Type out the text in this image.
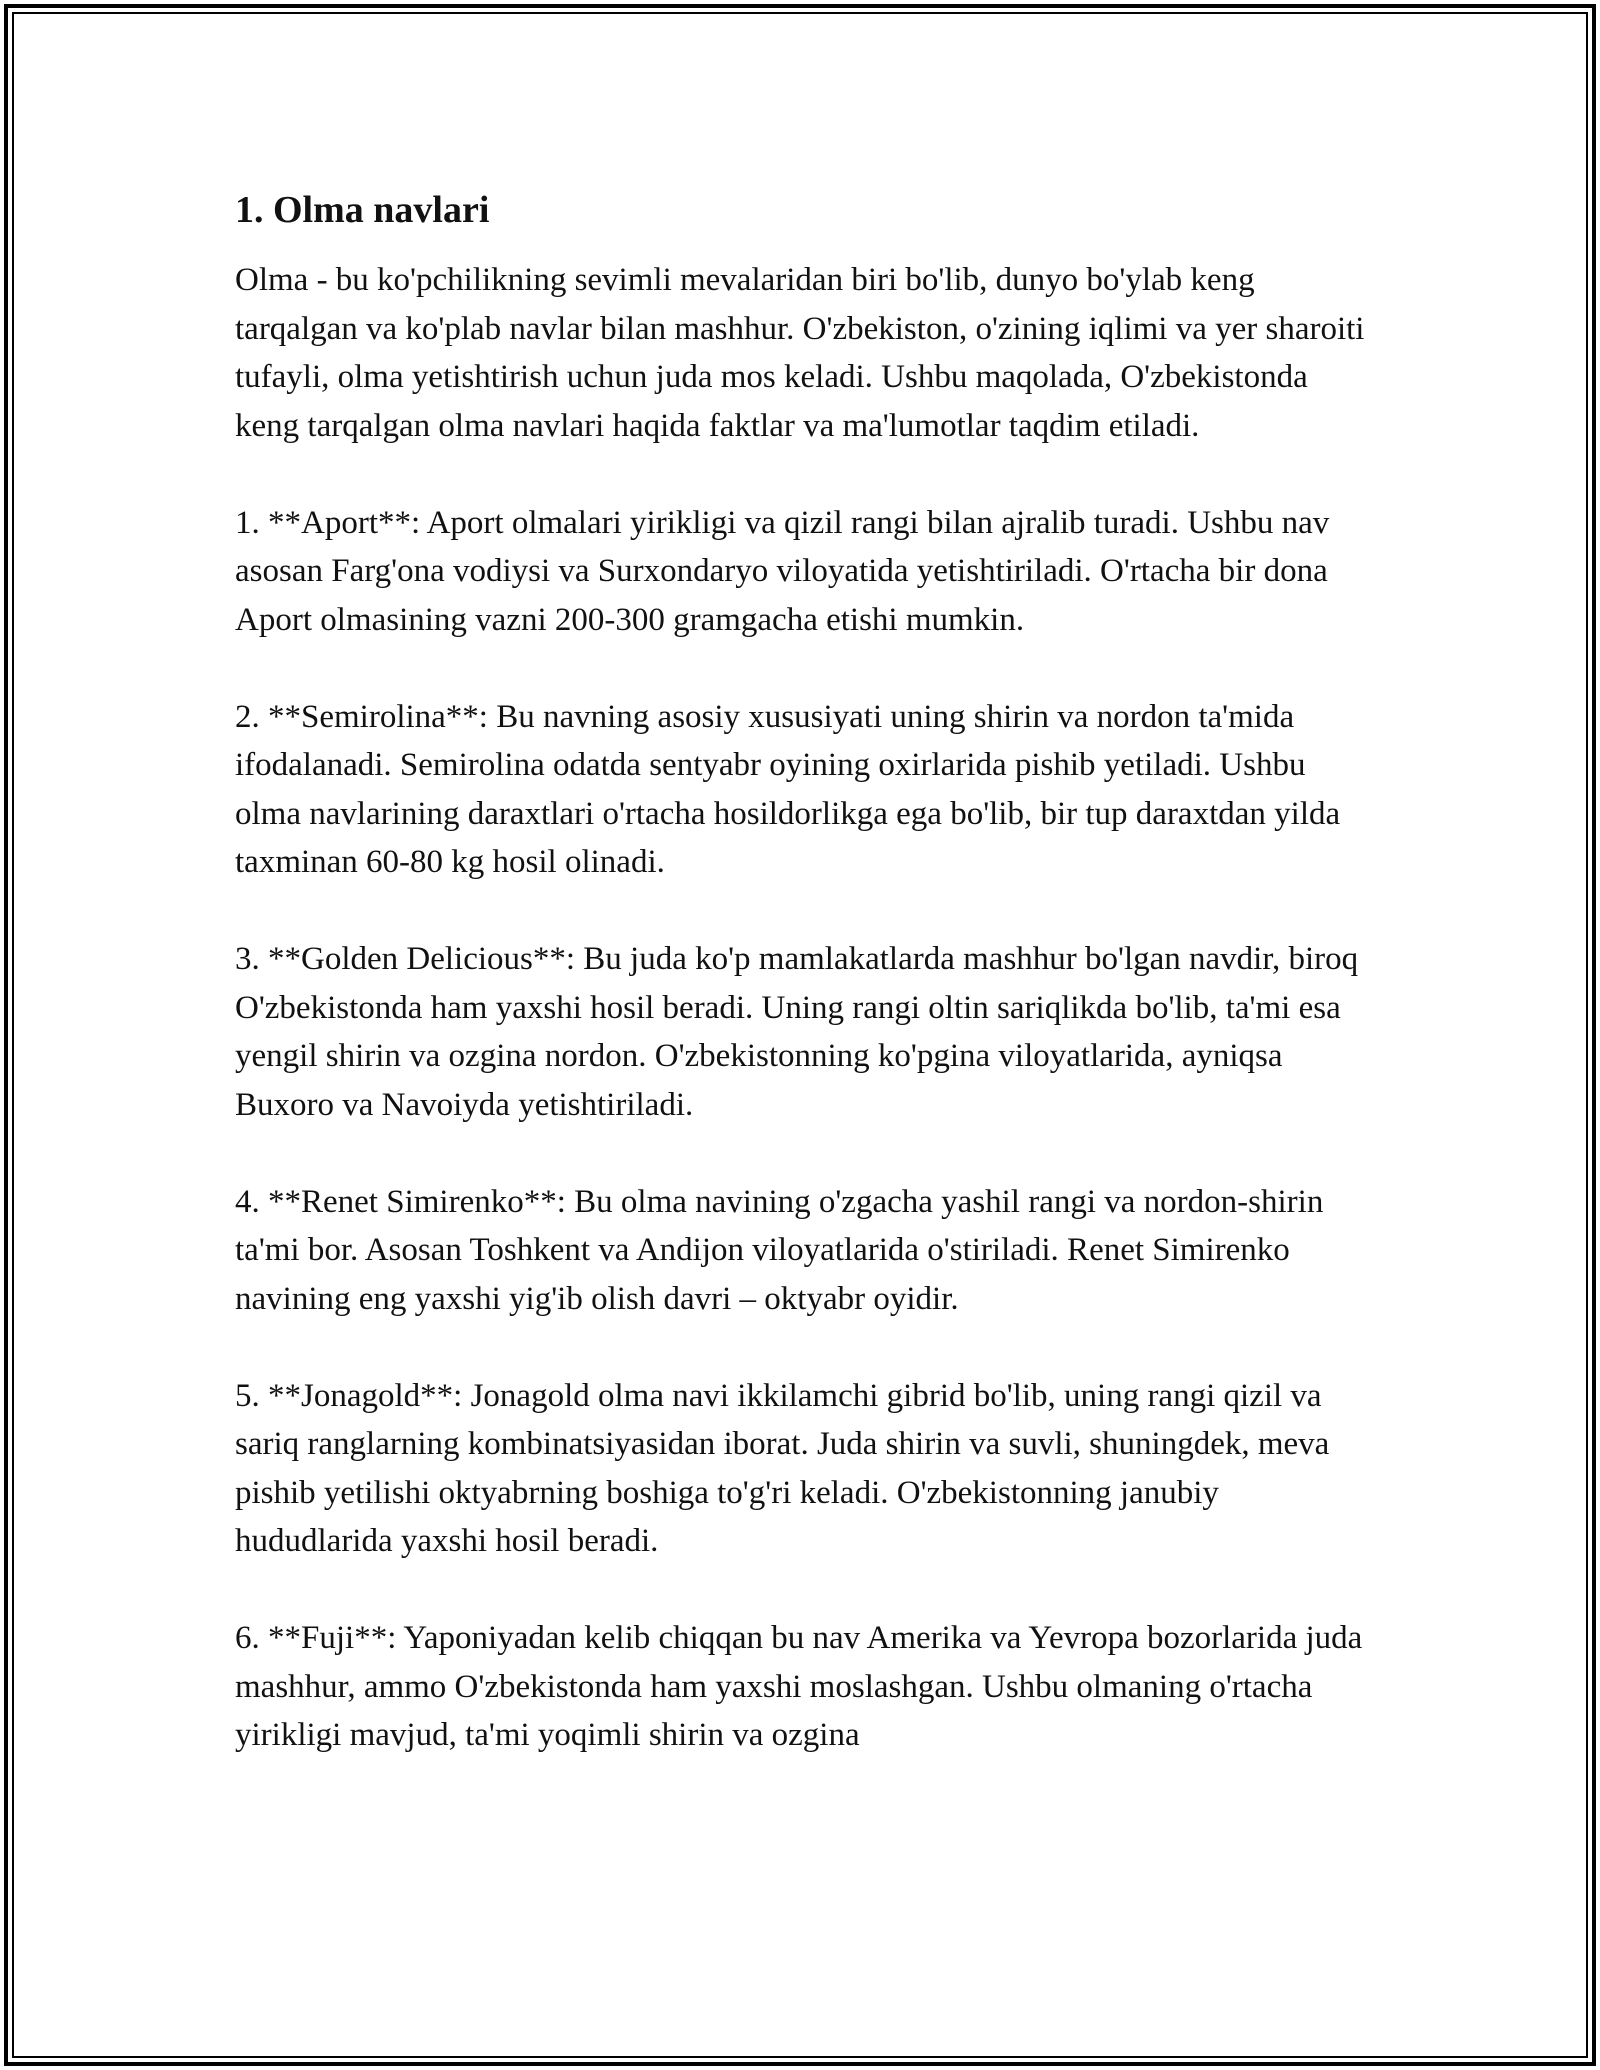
1. Olma navlari

Olma - bu ko'pchilikning sevimli mevalaridan biri bo'lib, dunyo bo'ylab keng tarqalgan va ko'plab navlar bilan mashhur. O'zbekiston, o'zining iqlimi va yer sharoiti tufayli, olma yetishtirish uchun juda mos keladi. Ushbu maqolada, O'zbekistonda keng tarqalgan olma navlari haqida faktlar va ma'lumotlar taqdim etiladi.

1. **Aport**: Aport olmalari yirikligi va qizil rangi bilan ajralib turadi. Ushbu nav asosan Farg'ona vodiysi va Surxondaryo viloyatida yetishtiriladi. O'rtacha bir dona Aport olmasining vazni 200-300 gramgacha etishi mumkin.

2. **Semirolina**: Bu navning asosiy xususiyati uning shirin va nordon ta'mida ifodalanadi. Semirolina odatda sentyabr oyining oxirlarida pishib yetiladi. Ushbu olma navlarining daraxtlari o'rtacha hosildorlikga ega bo'lib, bir tup daraxtdan yilda taxminan 60-80 kg hosil olinadi.

3. **Golden Delicious**: Bu juda ko'p mamlakatlarda mashhur bo'lgan navdir, biroq O'zbekistonda ham yaxshi hosil beradi. Uning rangi oltin sariqlikda bo'lib, ta'mi esa yengil shirin va ozgina nordon. O'zbekistonning ko'pgina viloyatlarida, ayniqsa Buxoro va Navoiyda yetishtiriladi.

4. **Renet Simirenko**: Bu olma navining o'zgacha yashil rangi va nordon-shirin ta'mi bor. Asosan Toshkent va Andijon viloyatlarida o'stiriladi. Renet Simirenko navining eng yaxshi yig'ib olish davri – oktyabr oyidir.

5. **Jonagold**: Jonagold olma navi ikkilamchi gibrid bo'lib, uning rangi qizil va sariq ranglarning kombinatsiyasidan iborat. Juda shirin va suvli, shuningdek, meva pishib yetilishi oktyabrning boshiga to'g'ri keladi. O'zbekistonning janubiy hududlarida yaxshi hosil beradi.

6. **Fuji**: Yaponiyadan kelib chiqqan bu nav Amerika va Yevropa bozorlarida juda mashhur, ammo O'zbekistonda ham yaxshi moslashgan. Ushbu olmaning o'rtacha yirikligi mavjud, ta'mi yoqimli shirin va ozgina
